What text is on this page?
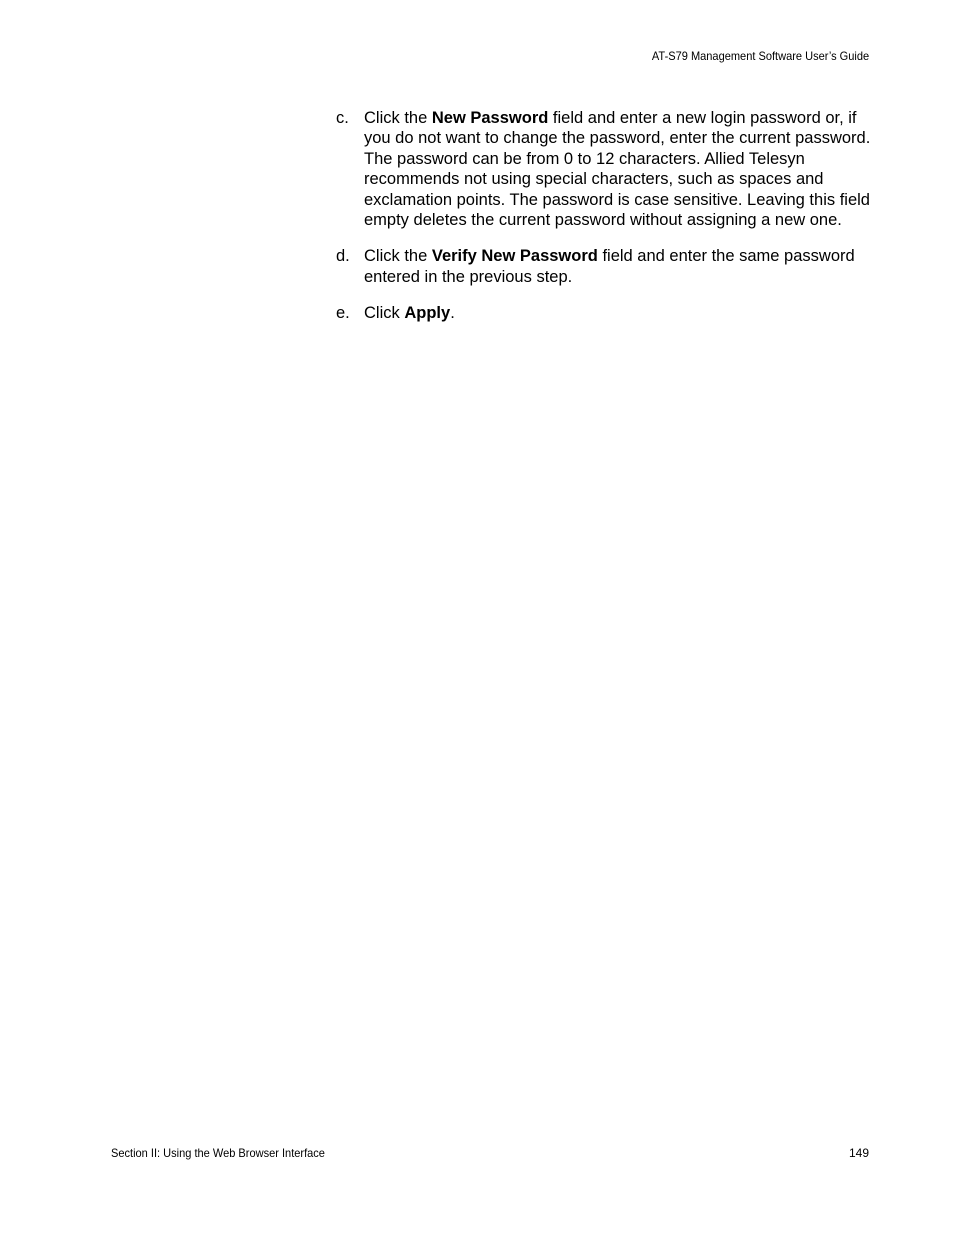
AT-S79 Management Software User’s Guide
c. Click the New Password field and enter a new login password or, if you do not want to change the password, enter the current password. The password can be from 0 to 12 characters. Allied Telesyn recommends not using special characters, such as spaces and exclamation points. The password is case sensitive. Leaving this field empty deletes the current password without assigning a new one.
d. Click the Verify New Password field and enter the same password entered in the previous step.
e. Click Apply.
Section II: Using the Web Browser Interface	149
